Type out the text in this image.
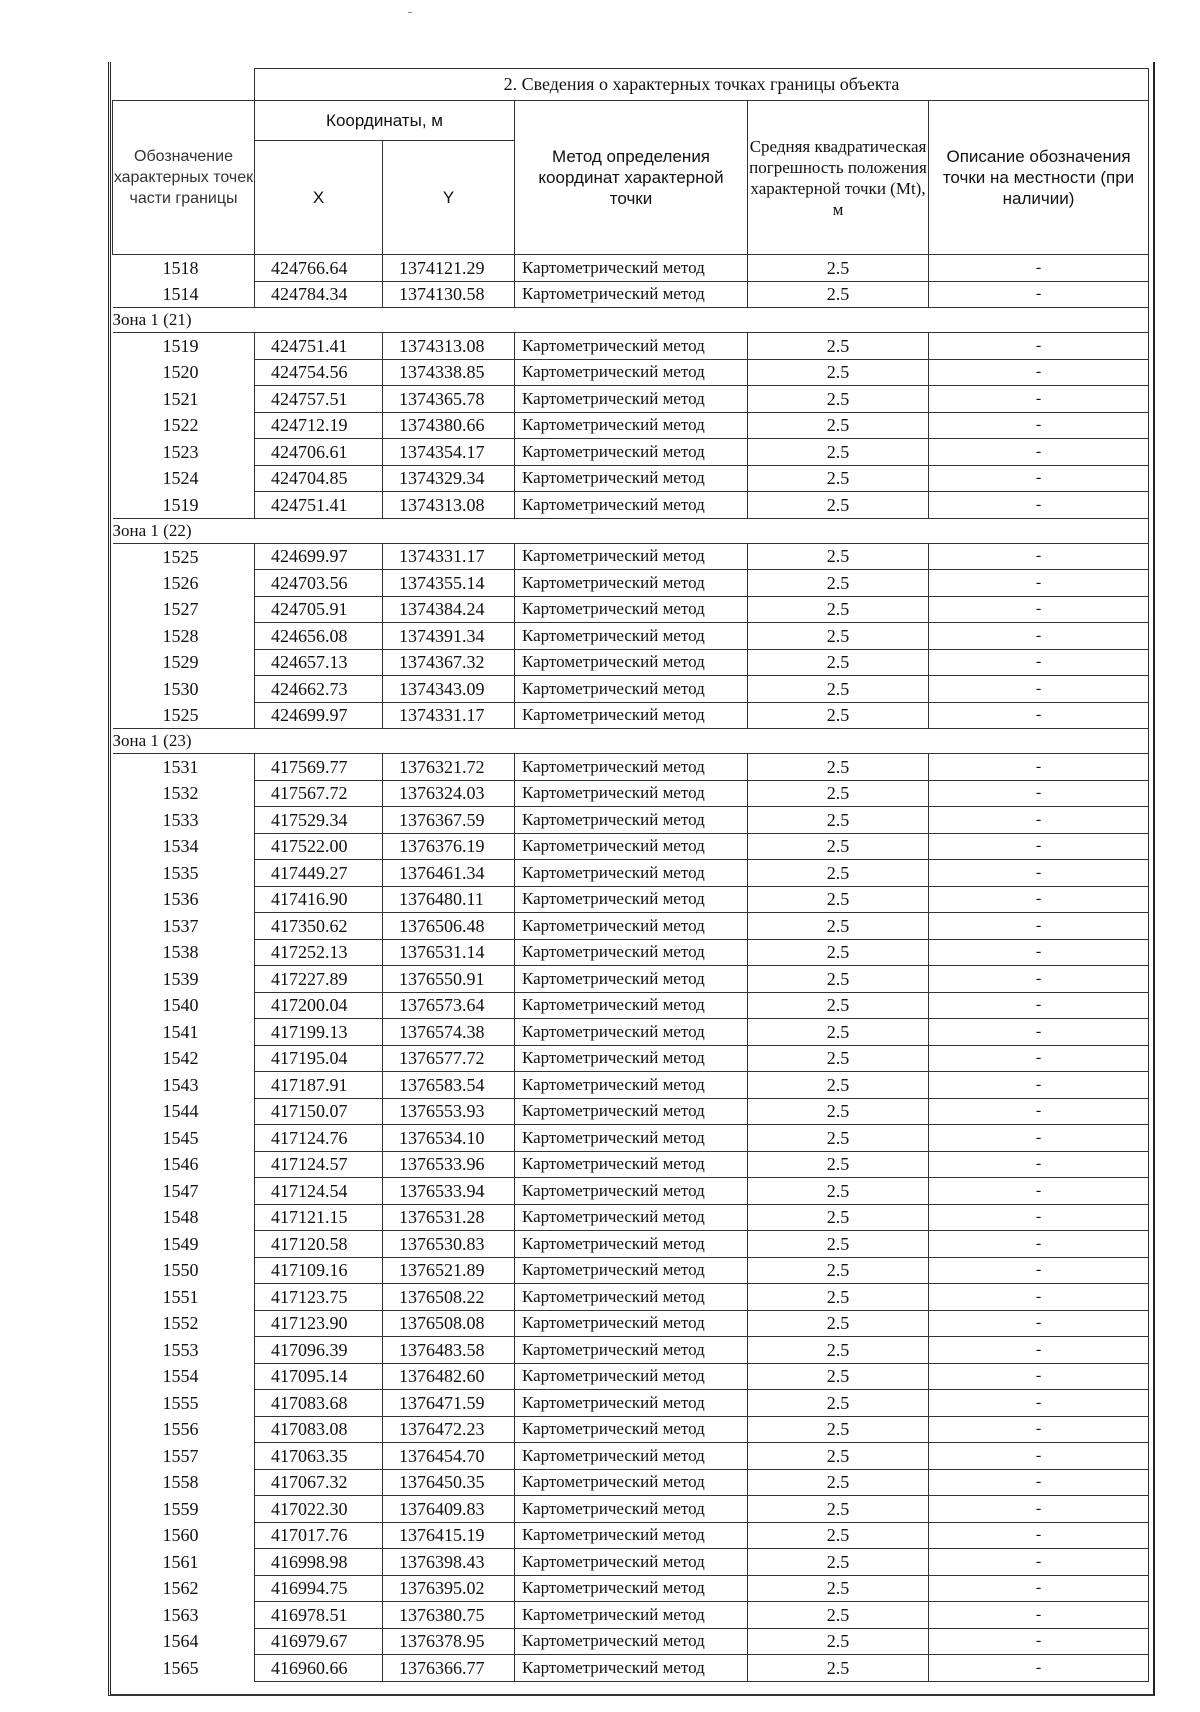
	2. Сведения о характерных точках границы объекта				
Обозначение характерных точек части границы	Координаты, м		Метод определения координат характерной точки	Средняя квадратическая погрешность положения характерной точки (Mt), м	Описание обозначения точки на местности (при наличии)
	X	Y			
1518	424766.64	1374121.29	Картометрический метод	2.5	-
1514	424784.34	1374130.58	Картометрический метод	2.5	-
Зона 1 (21)					
1519	424751.41	1374313.08	Картометрический метод	2.5	-
1520	424754.56	1374338.85	Картометрический метод	2.5	-
1521	424757.51	1374365.78	Картометрический метод	2.5	-
1522	424712.19	1374380.66	Картометрический метод	2.5	-
1523	424706.61	1374354.17	Картометрический метод	2.5	-
1524	424704.85	1374329.34	Картометрический метод	2.5	-
1519	424751.41	1374313.08	Картометрический метод	2.5	-
Зона 1 (22)					
1525	424699.97	1374331.17	Картометрический метод	2.5	-
1526	424703.56	1374355.14	Картометрический метод	2.5	-
1527	424705.91	1374384.24	Картометрический метод	2.5	-
1528	424656.08	1374391.34	Картометрический метод	2.5	-
1529	424657.13	1374367.32	Картометрический метод	2.5	-
1530	424662.73	1374343.09	Картометрический метод	2.5	-
1525	424699.97	1374331.17	Картометрический метод	2.5	-
Зона 1 (23)					
1531	417569.77	1376321.72	Картометрический метод	2.5	-
1532	417567.72	1376324.03	Картометрический метод	2.5	-
1533	417529.34	1376367.59	Картометрический метод	2.5	-
1534	417522.00	1376376.19	Картометрический метод	2.5	-
1535	417449.27	1376461.34	Картометрический метод	2.5	-
1536	417416.90	1376480.11	Картометрический метод	2.5	-
1537	417350.62	1376506.48	Картометрический метод	2.5	-
1538	417252.13	1376531.14	Картометрический метод	2.5	-
1539	417227.89	1376550.91	Картометрический метод	2.5	-
1540	417200.04	1376573.64	Картометрический метод	2.5	-
1541	417199.13	1376574.38	Картометрический метод	2.5	-
1542	417195.04	1376577.72	Картометрический метод	2.5	-
1543	417187.91	1376583.54	Картометрический метод	2.5	-
1544	417150.07	1376553.93	Картометрический метод	2.5	-
1545	417124.76	1376534.10	Картометрический метод	2.5	-
1546	417124.57	1376533.96	Картометрический метод	2.5	-
1547	417124.54	1376533.94	Картометрический метод	2.5	-
1548	417121.15	1376531.28	Картометрический метод	2.5	-
1549	417120.58	1376530.83	Картометрический метод	2.5	-
1550	417109.16	1376521.89	Картометрический метод	2.5	-
1551	417123.75	1376508.22	Картометрический метод	2.5	-
1552	417123.90	1376508.08	Картометрический метод	2.5	-
1553	417096.39	1376483.58	Картометрический метод	2.5	-
1554	417095.14	1376482.60	Картометрический метод	2.5	-
1555	417083.68	1376471.59	Картометрический метод	2.5	-
1556	417083.08	1376472.23	Картометрический метод	2.5	-
1557	417063.35	1376454.70	Картометрический метод	2.5	-
1558	417067.32	1376450.35	Картометрический метод	2.5	-
1559	417022.30	1376409.83	Картометрический метод	2.5	-
1560	417017.76	1376415.19	Картометрический метод	2.5	-
1561	416998.98	1376398.43	Картометрический метод	2.5	-
1562	416994.75	1376395.02	Картометрический метод	2.5	-
1563	416978.51	1376380.75	Картометрический метод	2.5	-
1564	416979.67	1376378.95	Картометрический метод	2.5	-
1565	416960.66	1376366.77	Картометрический метод	2.5	-
